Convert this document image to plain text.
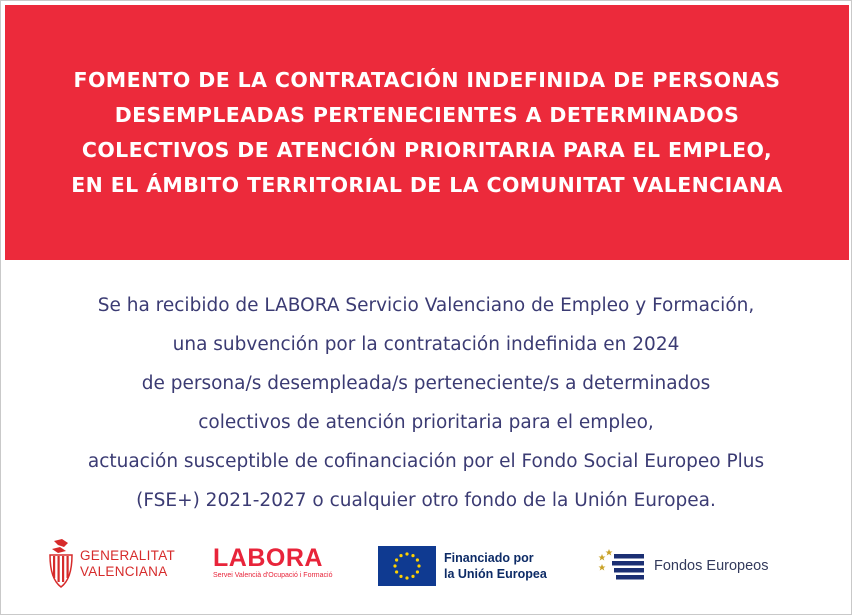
FOMENTO DE LA CONTRATACIÓN INDEFINIDA DE PERSONAS
DESEMPLEADAS PERTENECIENTES A DETERMINADOS
COLECTIVOS DE ATENCIÓN PRIORITARIA PARA EL EMPLEO,
EN EL ÁMBITO TERRITORIAL DE LA COMUNITAT VALENCIANA
Se ha recibido de LABORA Servicio Valenciano de Empleo y Formación,
una subvención por la contratación indefinida en 2024
de persona/s desempleada/s perteneciente/s a determinados
colectivos de atención prioritaria para el empleo,
actuación susceptible de cofinanciación por el Fondo Social Europeo Plus
(FSE+) 2021-2027 o cualquier otro fondo de la Unión Europea.
GENERALITAT
VALENCIANA	LABORA
Servei Valencià d'Ocupació i Formació
Financiado por
la Unión Europea	Fondos Europeos
